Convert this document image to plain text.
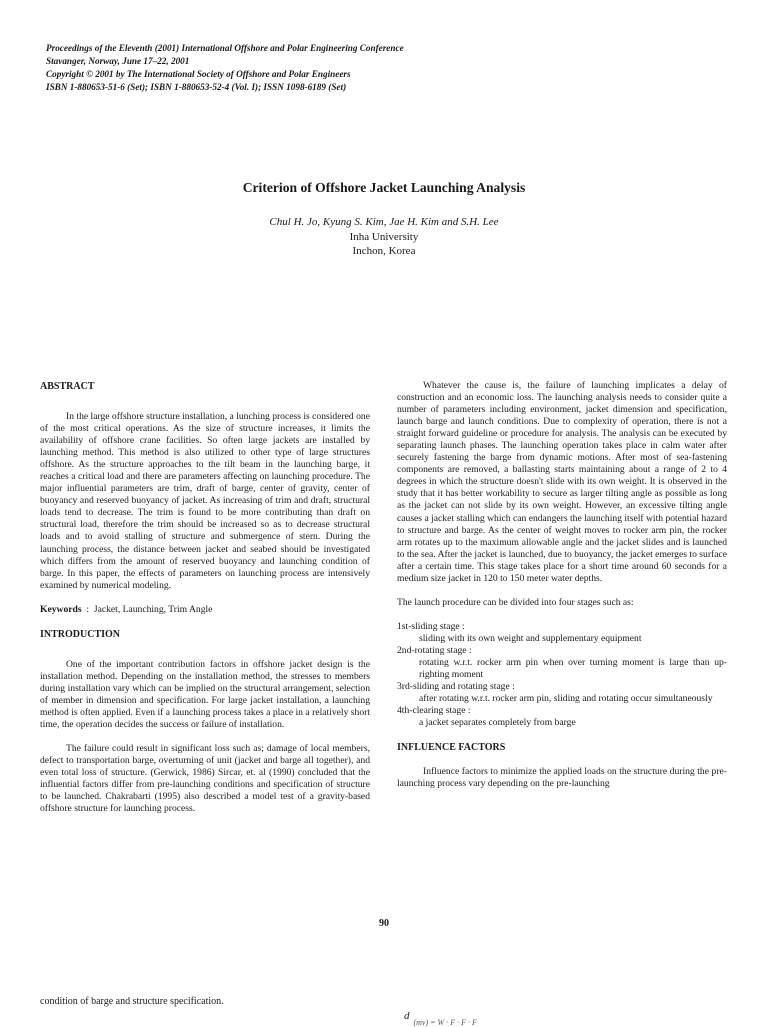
Proceedings of the Eleventh (2001) International Offshore and Polar Engineering Conference
Stavanger, Norway, June 17–22, 2001
Copyright © 2001 by The International Society of Offshore and Polar Engineers
ISBN 1-880653-51-6 (Set); ISBN 1-880653-52-4 (Vol. I); ISSN 1098-6189 (Set)
Criterion of Offshore Jacket Launching Analysis
Chul H. Jo, Kyung S. Kim, Jae H. Kim and S.H. Lee
Inha University
Inchon, Korea
ABSTRACT

In the large offshore structure installation, a lunching process is considered one of the most critical operations. As the size of structure increases, it limits the availability of offshore crane facilities. So often large jackets are installed by launching method. This method is also utilized to other type of large structures offshore. As the structure approaches to the tilt beam in the launching barge, it reaches a critical load and there are parameters affecting on launching procedure. The major influential parameters are trim, draft of barge, center of gravity, center of buoyancy and reserved buoyancy of jacket. As increasing of trim and draft, structural loads tend to decrease. The trim is found to be more contributing than draft on structural load, therefore the trim should be increased so as to decrease structural loads and to avoid stalling of structure and submergence of stern. During the launching process, the distance between jacket and seabed should be investigated which differs from the amount of reserved buoyancy and launching condition of barge. In this paper, the effects of parameters on launching process are intensively examined by numerical modeling.

Keywords : Jacket, Launching, Trim Angle

INTRODUCTION

One of the important contribution factors in offshore jacket design is the installation method. Depending on the installation method, the stresses to members during installation vary which can be implied on the structural arrangement, selection of member in dimension and specification. For large jacket installation, a launching method is often applied. Even if a launching process takes a place in a relatively short time, the operation decides the success or failure of installation.

The failure could result in significant loss such as; damage of local members, defect to transportation barge, overturning of unit (jacket and barge all together), and even total loss of structure. (Gerwick, 1986) Sircar, et. al (1990) concluded that the influential factors differ from pre-launching conditions and specification of structure to be launched. Chakrabarti (1995) also described a model test of a gravity-based offshore structure for launching process.

Whatever the cause is, the failure of launching implicates a delay of construction and an economic loss. The launching analysis needs to consider quite a number of parameters including environment, jacket dimension and specification, launch barge and launch conditions. Due to complexity of operation, there is not a straight forward guideline or procedure for analysis. The analysis can be executed by separating launch phases. The launching operation takes place in calm water after securely fastening the barge from dynamic motions. After most of sea-fastening components are removed, a ballasting starts maintaining about a range of 2 to 4 degrees in which the structure doesn't slide with its own weight. It is observed in the study that it has better workability to secure as larger tilting angle as possible as long as the jacket can not slide by its own weight. However, an excessive tilting angle causes a jacket stalling which can endangers the launching itself with potential hazard to structure and barge. As the center of weight moves to rocker arm pin, the rocker arm rotates up to the maximum allowable angle and the jacket slides and is launched to the sea. After the jacket is launched, due to buoyancy, the jacket emerges to surface after a certain time. This stage takes place for a short time around 60 seconds for a medium size jacket in 120 to 150 meter water depths.

The launch procedure can be divided into four stages such as:

1st-sliding stage :

sliding with its own weight and supplementary equipment

2nd-rotating stage :

rotating w.r.t. rocker arm pin when over turning moment is large than up-righting moment

3rd-sliding and rotating stage :

after rotating w.r.t. rocker arm pin, sliding and rotating occur simultaneously

4th-clearing stage :

a jacket separates completely from barge

INFLUENCE FACTORS

Influence factors to minimize the applied loads on the structure during the pre-launching process vary depending on the pre-launching

90
condition of barge and structure specification.
$d_{(mv) = W \cdot F \cdot F \cdot F}$
